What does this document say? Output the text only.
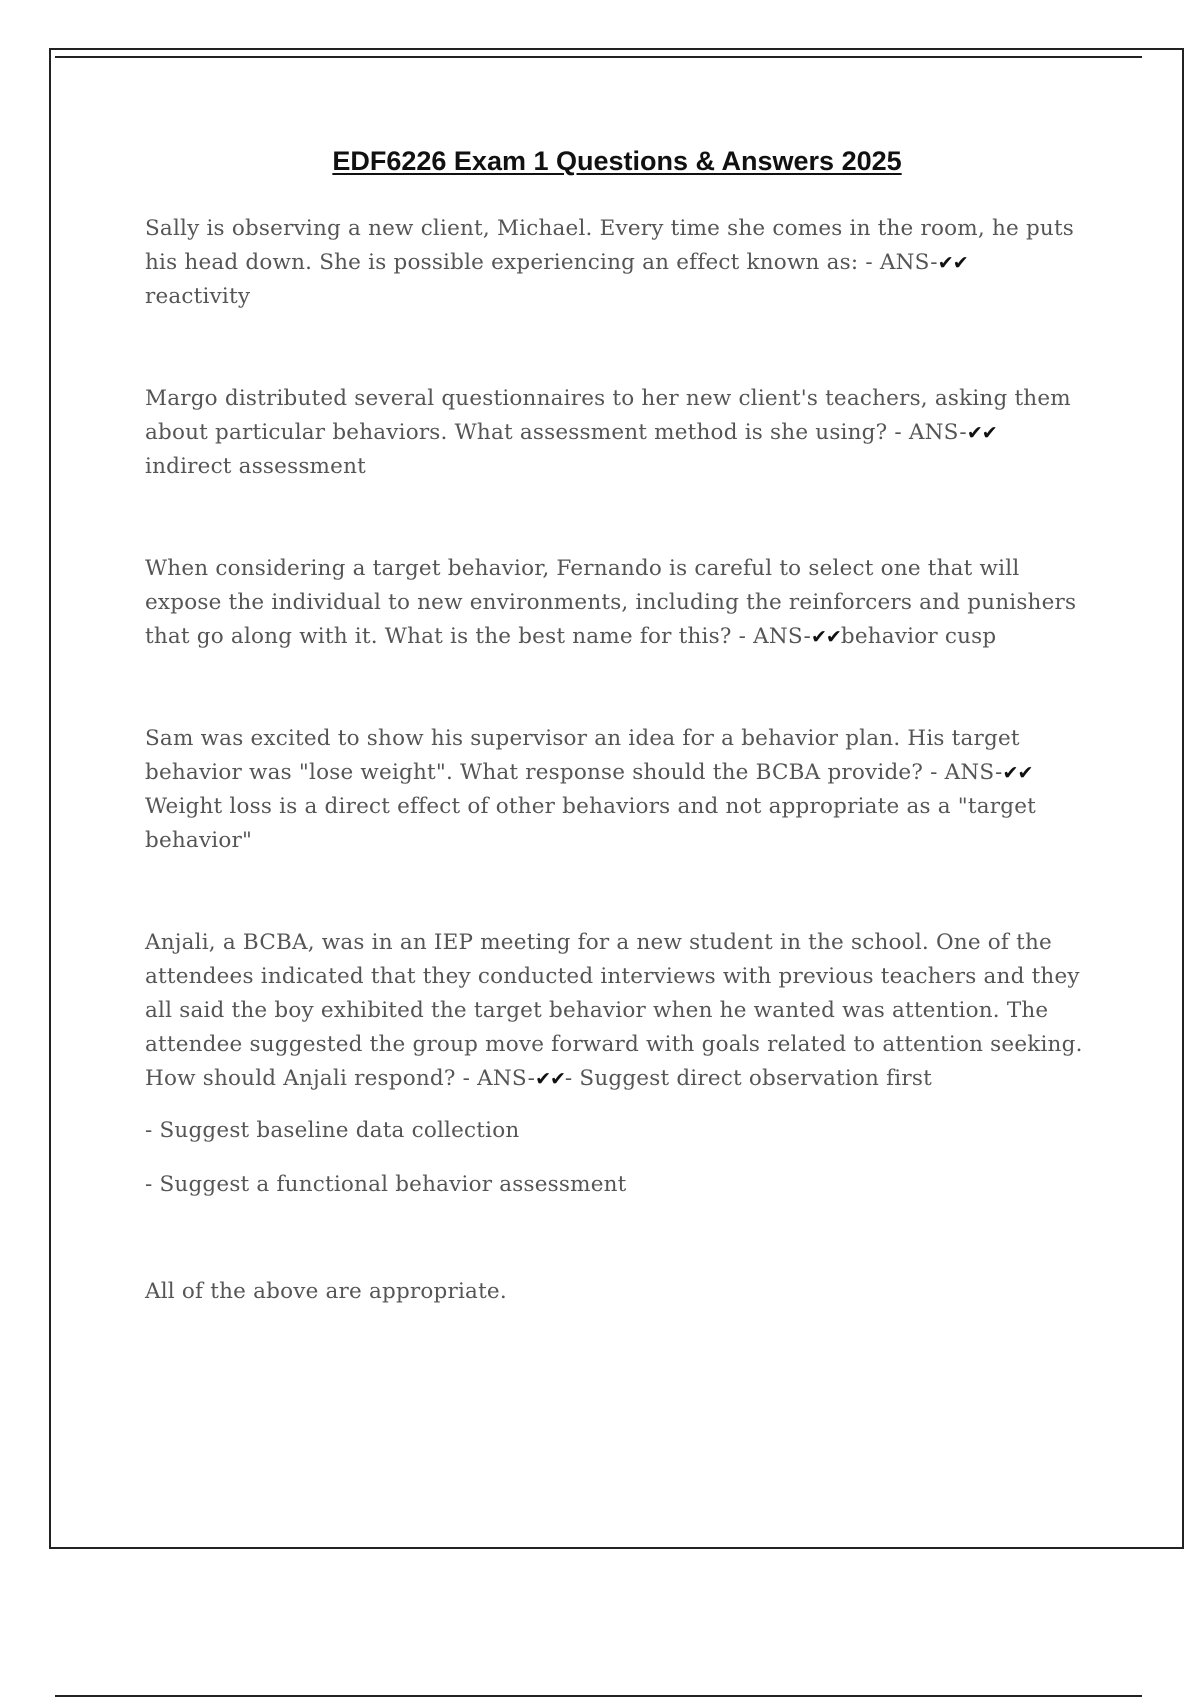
EDF6226 Exam 1 Questions & Answers 2025

Sally is observing a new client, Michael. Every time she comes in the room, he puts his head down. She is possible experiencing an effect known as: - ANS-✔✔
reactivity

Margo distributed several questionnaires to her new client's teachers, asking them about particular behaviors. What assessment method is she using? - ANS-✔✔
indirect assessment

When considering a target behavior, Fernando is careful to select one that will expose the individual to new environments, including the reinforcers and punishers that go along with it. What is the best name for this? - ANS-✔✔behavior cusp

Sam was excited to show his supervisor an idea for a behavior plan. His target behavior was "lose weight". What response should the BCBA provide? - ANS-✔✔
Weight loss is a direct effect of other behaviors and not appropriate as a "target behavior"

Anjali, a BCBA, was in an IEP meeting for a new student in the school. One of the attendees indicated that they conducted interviews with previous teachers and they all said the boy exhibited the target behavior when he wanted was attention. The attendee suggested the group move forward with goals related to attention seeking. How should Anjali respond? - ANS-✔✔- Suggest direct observation first

- Suggest baseline data collection

- Suggest a functional behavior assessment

All of the above are appropriate.
